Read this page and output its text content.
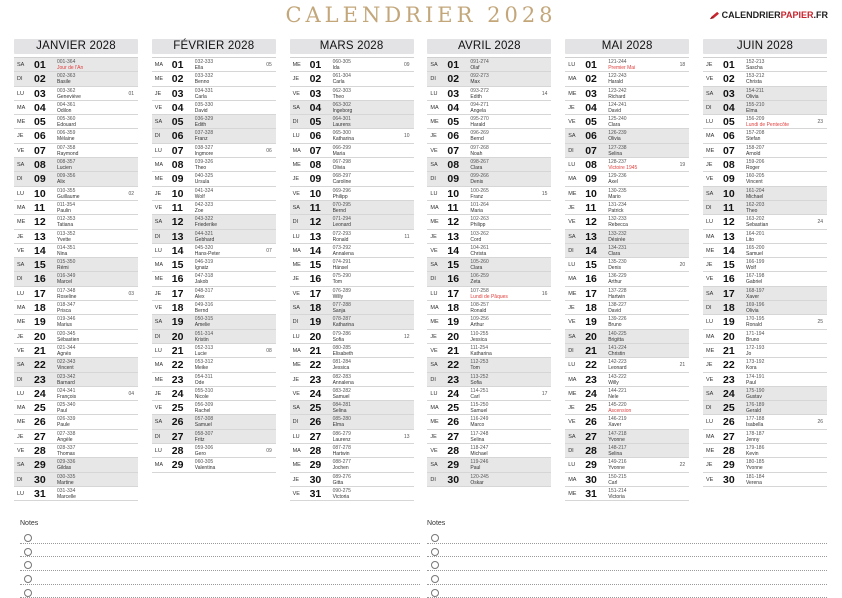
CALENDRIER 2028	CALENDRIER PAPIER .FR
JANVIER 2028
SA 01 001-364
Jour de l'An
DI 02 002-363
Basile
LU 03 003-362
Geneviève	01
MA 04 004-361
Odilon
ME 05 005-360
Edouard
JE 06 006-359
Mélaine
VE 07 007-358
Raymond
SA 08 008-357
Lucien
DI 09 009-356
Alix
LU 10 010-355
Guillaume	02
MA 11 011-354
Paulin
ME 12 012-353
Tatiana
JE 13 013-352
Yvette
VE 14 014-351
Nina
SA 15 015-350
Rémi
DI 16 016-349
Marcel
LU 17 017-348
Roseline	03
MA 18 018-347
Prisca
ME 19 019-346
Marius
JE 20 020-345
Sébastien
VE 21 021-344
Agnès
SA 22 022-343
Vincent
DI 23 023-342
Barnard
LU 24 024-341
François	04
MA 25 025-340
Paul
ME 26 026-339
Paule
JE 27 027-338
Angèle
VE 28 028-337
Thomas
SA 29 029-336
Gildas
DI 30 030-335
Martine
LU 31 031-334
Marcelle
FÉVRIER 2028
MA 01 032-333
Ella	05
ME 02 033-332
Benno
JE 03 034-331
Carla
VE 04 035-330
David
SA 05 036-329
Edith
DI 06 037-328
Franz
LU 07 038-327
Ingmore	06
MA 08 039-326
Theo
ME 09 040-325
Ursula
JE 10 041-324
Wolf
VE 11 042-323
Zoe
SA 12 043-322
Friederike
DI 13 044-321
Gebhard
LU 14 045-320
Hans-Peter	07
MA 15 046-319
Ignatz
ME 16 047-318
Jakob
JE 17 048-317
Alex
VE 18 049-316
Bernd
SA 19 050-315
Amelie
DI 20 051-314
Kristin
LU 21 052-313
Lucie	08
MA 22 053-312
Meike
ME 23 054-311
Ode
JE 24 055-310
Nicole
VE 25 056-309
Rachel
SA 26 057-308
Samuel
DI 27 058-307
Fritz
LU 28 059-306
Gero	09
MA 29 060-305
Valentina
MARS 2028
ME 01 060-305
Ida	09
JE 02 061-304
Carla
VE 03 062-303
Theo
SA 04 063-302
Ingeborg
DI 05 064-301
Laurens
LU 06 065-300
Katharina	10
MA 07 066-299
Maria
ME 08 067-298
Olivia
JE 09 068-297
Caroline
VE 10 069-296
Philipp
SA 11 070-295
Bernd
DI 12 071-294
Leonard
LU 13 072-293
Ronald	11
MA 14 073-292
Annalena
ME 15 074-291
Hänsel
JE 16 075-290
Tom
VE 17 076-289
Willy
SA 18 077-288
Sanja
DI 19 078-287
Katharina
LU 20 079-286
Sofia	12
MA 21 080-285
Elisabeth
ME 22 081-284
Jessica
JE 23 082-283
Annalena
VE 24 083-282
Samuel
SA 25 084-281
Selina
DI 26 085-280
Elma
LU 27 086-279
Laurenz	13
MA 28 087-278
Hartwin
ME 29 088-277
Jochen
JE 30 089-276
Gitta
VE 31 090-275
Victoria
AVRIL 2028
SA 01 091-274
Olaf
DI 02 092-273
Max
LU 03 093-272
Edith	14
MA 04 094-271
Angela
ME 05 095-270
Harald
JE 06 096-269
Bernd
VE 07 097-268
Noah
SA 08 098-267
Clara
DI 09 099-266
Denis
LU 10 100-265
Franz	15
MA 11 101-264
Maria
ME 12 102-263
Philipp
JE 13 103-262
Cord
VE 14 104-261
Christa
SA 15 105-260
Clara
DI 16 106-259
Zeta
LU 17 107-258
Lundi de Pâques	16
MA 18 108-257
Ronald
ME 19 109-256
Arthur
JE 20 110-255
Jessica
VE 21 111-254
Katharina
SA 22 112-253
Tom
DI 23 113-252
Sofia
LU 24 114-251
Carl	17
MA 25 115-250
Samuel
ME 26 116-249
Marco
JE 27 117-248
Selina
VE 28 118-247
Michael
SA 29 119-246
Paul
DI 30 120-245
Oskar
MAI 2028
LU 01 121-244
Premier Mai	18
MA 02 122-243
Harald
ME 03 123-242
Richard
JE 04 124-241
David
VE 05 125-240
Clara
SA 06 126-239
Olivia
DI 07 127-238
Selina
LU 08 128-237
Victoire 1945	19
MA 09 129-236
Axel
ME 10 130-235
Mario
JE 11 131-234
Patrick
VE 12 132-233
Rebecca
SA 13 133-232
Désirée
DI 14 134-231
Clara
LU 15 135-230
Denis	20
MA 16 136-229
Arthur
ME 17 137-228
Hartwin
JE 18 138-227
David
VE 19 139-226
Bruno
SA 20 140-225
Brigitta
DI 21 141-224
Christin
LU 22 142-223
Leonard	21
MA 23 143-222
Willy
ME 24 144-221
Nele
JE 25 145-220
Ascension
VE 26 146-219
Xaver
SA 27 147-218
Yvonne
DI 28 148-217
Selina
LU 29 149-216
Yvonne	22
MA 30 150-215
Carl
ME 31 151-214
Victoria
JUIN 2028
JE 01 152-213
Sascha
VE 02 153-212
Christa
SA 03 154-211
Olivia
DI 04 155-210
Elma
LU 05 156-209
Lundi de Pentecôte	23
MA 06 157-208
Stefan
ME 07 158-207
Arnold
JE 08 159-206
Roger
VE 09 160-205
Vincent
SA 10 161-204
Michael
DI 11 162-203
Theo
LU 12 163-202
Sebastian	24
MA 13 164-201
Lito
ME 14 165-200
Samuel
JE 15 166-199
Wolf
VE 16 167-198
Gabriel
SA 17 168-197
Xaver
DI 18 169-196
Olivia
LU 19 170-195
Ronald	25
MA 20 171-194
Bruno
ME 21 172-193
Jo
JE 22 173-192
Kora
VE 23 174-191
Paul
SA 24 175-190
Gustav
DI 25 176-189
Gerald
LU 26 177-188
Isabella	26
MA 27 178-187
Jenny
ME 28 179-186
Kevin
JE 29 180-185
Yvonne
VE 30 181-184
Verena
Notes	Notes
